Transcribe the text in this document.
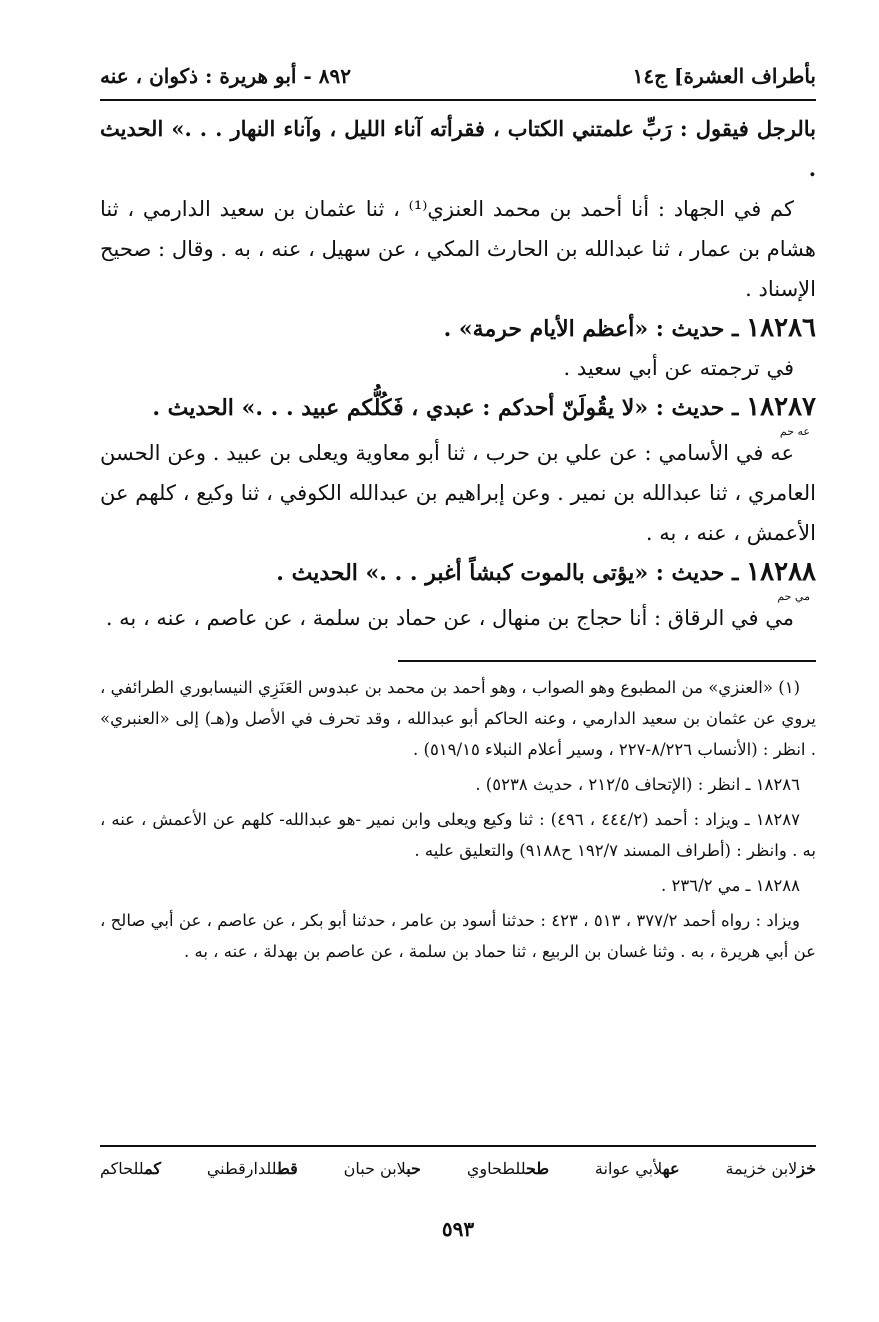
بأطراف العشرة] ج١٤
٨٩٢ - أبو هريرة : ذكوان ، عنه

بالرجل فيقول : رَبِّ علمتني الكتاب ، فقرأته آناء الليل ، وآناء النهار . . .» الحديث .

كم في الجهاد : أنا أحمد بن محمد العنزي⁽¹⁾ ، ثنا عثمان بن سعيد الدارمي ، ثنا هشام بن عمار ، ثنا عبدالله بن الحارث المكي ، عن سهيل ، عنه ، به . وقال : صحيح الإسناد .

١٨٢٨٦ ـ حديث : «أعظم الأيام حرمة» .

في ترجمته عن أبي سعيد .

١٨٢٨٧ ـ حديث : «لا يقُولَنّ أحدكم : عبدي ، فَكُلُّكم عبيد . . .» الحديث .
عه حم

عه في الأسامي : عن علي بن حرب ، ثنا أبو معاوية ويعلى بن عبيد . وعن الحسن العامري ، ثنا عبدالله بن نمير . وعن إبراهيم بن عبدالله الكوفي ، ثنا وكيع ، كلهم عن الأعمش ، عنه ، به .

١٨٢٨٨ ـ حديث : «يؤتى بالموت كبشاً أغبر . . .» الحديث .
مي حم

مي في الرقاق : أنا حجاج بن منهال ، عن حماد بن سلمة ، عن عاصم ، عنه ، به .

(١) «العنزي» من المطبوع وهو الصواب ، وهو أحمد بن محمد بن عبدوس العَنَزِي النيسابوري الطرائفي ، يروي عن عثمان بن سعيد الدارمي ، وعنه الحاكم أبو عبدالله ، وقد تحرف في الأصل و(هـ) إلى «العنبري» . انظر : (الأنساب ٨/٢٢٦-٢٢٧ ، وسير أعلام النبلاء ٥١٩/١٥) .

١٨٢٨٦ ـ انظر : (الإتحاف ٢١٢/٥ ، حديث ٥٢٣٨) .

١٨٢٨٧ ـ ويزاد : أحمد (٤٤٤/٢ ، ٤٩٦) : ثنا وكيع ويعلى وابن نمير -هو عبدالله- كلهم عن الأعمش ، عنه ، به . وانظر : (أطراف المسند ١٩٢/٧ ح٩١٨٨) والتعليق عليه .

١٨٢٨٨ ـ مي ٢٣٦/٢ .

ويزاد : رواه أحمد ٣٧٧/٢ ، ٥١٣ ، ٤٢٣ : حدثنا أسود بن عامر ، حدثنا أبو بكر ، عن عاصم ، عن أبي صالح ، عن أبي هريرة ، به . وثنا غسان بن الربيع ، ثنا حماد بن سلمة ، عن عاصم بن بهدلة ، عنه ، به .

خزلابن خزيمة
عهلأبي عوانة
طحللطحاوي
حبلابن حبان
قطللدارقطني
كمللحاكم
٥٩٣
